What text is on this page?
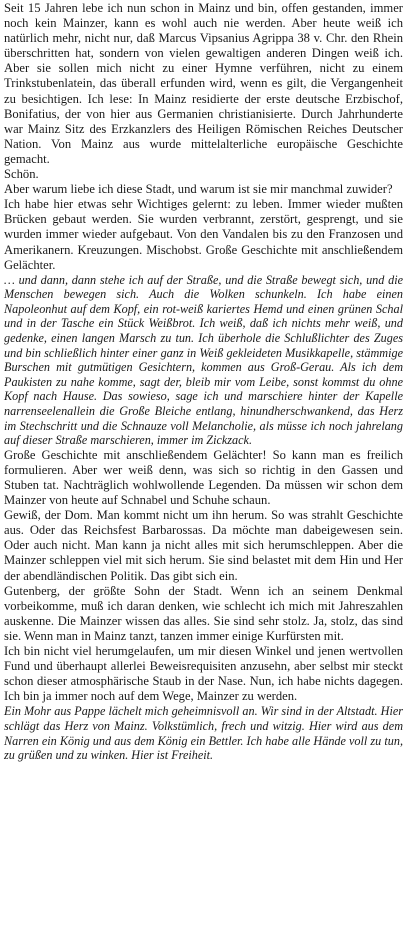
Seit 15 Jahren lebe ich nun schon in Mainz und bin, offen gestanden, immer noch kein Mainzer, kann es wohl auch nie werden. Aber heute weiß ich natürlich mehr, nicht nur, daß Marcus Vipsanius Agrippa 38 v. Chr. den Rhein überschritten hat, sondern von vielen gewaltigen anderen Dingen weiß ich. Aber sie sollen mich nicht zu einer Hymne verführen, nicht zu einem Trinkstubenlatein, das überall erfunden wird, wenn es gilt, die Vergangenheit zu besichtigen. Ich lese: In Mainz residierte der erste deutsche Erzbischof, Bonifatius, der von hier aus Germanien christianisierte. Durch Jahrhunderte war Mainz Sitz des Erzkanzlers des Heiligen Römischen Reiches Deutscher Nation. Von Mainz aus wurde mittelalterliche europäische Geschichte gemacht.

Schön.

Aber warum liebe ich diese Stadt, und warum ist sie mir manchmal zuwider?

Ich habe hier etwas sehr Wichtiges gelernt: zu leben. Immer wieder mußten Brücken gebaut werden. Sie wurden verbrannt, zerstört, gesprengt, und sie wurden immer wieder aufgebaut. Von den Vandalen bis zu den Franzosen und Amerikanern. Kreuzungen. Mischobst. Große Geschichte mit anschließendem Gelächter.

… und dann, dann stehe ich auf der Straße, und die Straße bewegt sich, und die Menschen bewegen sich. Auch die Wolken schunkeln. Ich habe einen Napoleonhut auf dem Kopf, ein rot-weiß kariertes Hemd und einen grünen Schal und in der Tasche ein Stück Weißbrot. Ich weiß, daß ich nichts mehr weiß, und gedenke, einen langen Marsch zu tun. Ich überhole die Schlußlichter des Zuges und bin schließlich hinter einer ganz in Weiß gekleideten Musikkapelle, stämmige Burschen mit gutmütigen Gesichtern, kommen aus Groß-Gerau. Als ich dem Paukisten zu nahe komme, sagt der, bleib mir vom Leibe, sonst kommst du ohne Kopf nach Hause. Das sowieso, sage ich und marschiere hinter der Kapelle narrenseelenallein die Große Bleiche entlang, hinundherschwankend, das Herz im Stechschritt und die Schnauze voll Melancholie, als müsse ich noch jahrelang auf dieser Straße marschieren, immer im Zickzack.

Große Geschichte mit anschließendem Gelächter! So kann man es freilich formulieren. Aber wer weiß denn, was sich so richtig in den Gassen und Stuben tat. Nachträglich wohlwollende Legenden. Da müssen wir schon dem Mainzer von heute auf Schnabel und Schuhe schaun.

Gewiß, der Dom. Man kommt nicht um ihn herum. So was strahlt Geschichte aus. Oder das Reichsfest Barbarossas. Da möchte man dabeigewesen sein. Oder auch nicht. Man kann ja nicht alles mit sich herumschleppen. Aber die Mainzer schleppen viel mit sich herum. Sie sind belastet mit dem Hin und Her der abendländischen Politik. Das gibt sich ein.

Gutenberg, der größte Sohn der Stadt. Wenn ich an seinem Denkmal vorbeikomme, muß ich daran denken, wie schlecht ich mich mit Jahreszahlen auskenne. Die Mainzer wissen das alles. Sie sind sehr stolz. Ja, stolz, das sind sie. Wenn man in Mainz tanzt, tanzen immer einige Kurfürsten mit.

Ich bin nicht viel herumgelaufen, um mir diesen Winkel und jenen wertvollen Fund und überhaupt allerlei Beweisrequisiten anzusehn, aber selbst mir steckt schon dieser atmosphärische Staub in der Nase. Nun, ich habe nichts dagegen. Ich bin ja immer noch auf dem Wege, Mainzer zu werden.

Ein Mohr aus Pappe lächelt mich geheimnisvoll an. Wir sind in der Altstadt. Hier schlägt das Herz von Mainz. Volkstümlich, frech und witzig. Hier wird aus dem Narren ein König und aus dem König ein Bettler. Ich habe alle Hände voll zu tun, zu grüßen und zu winken. Hier ist Freiheit.
